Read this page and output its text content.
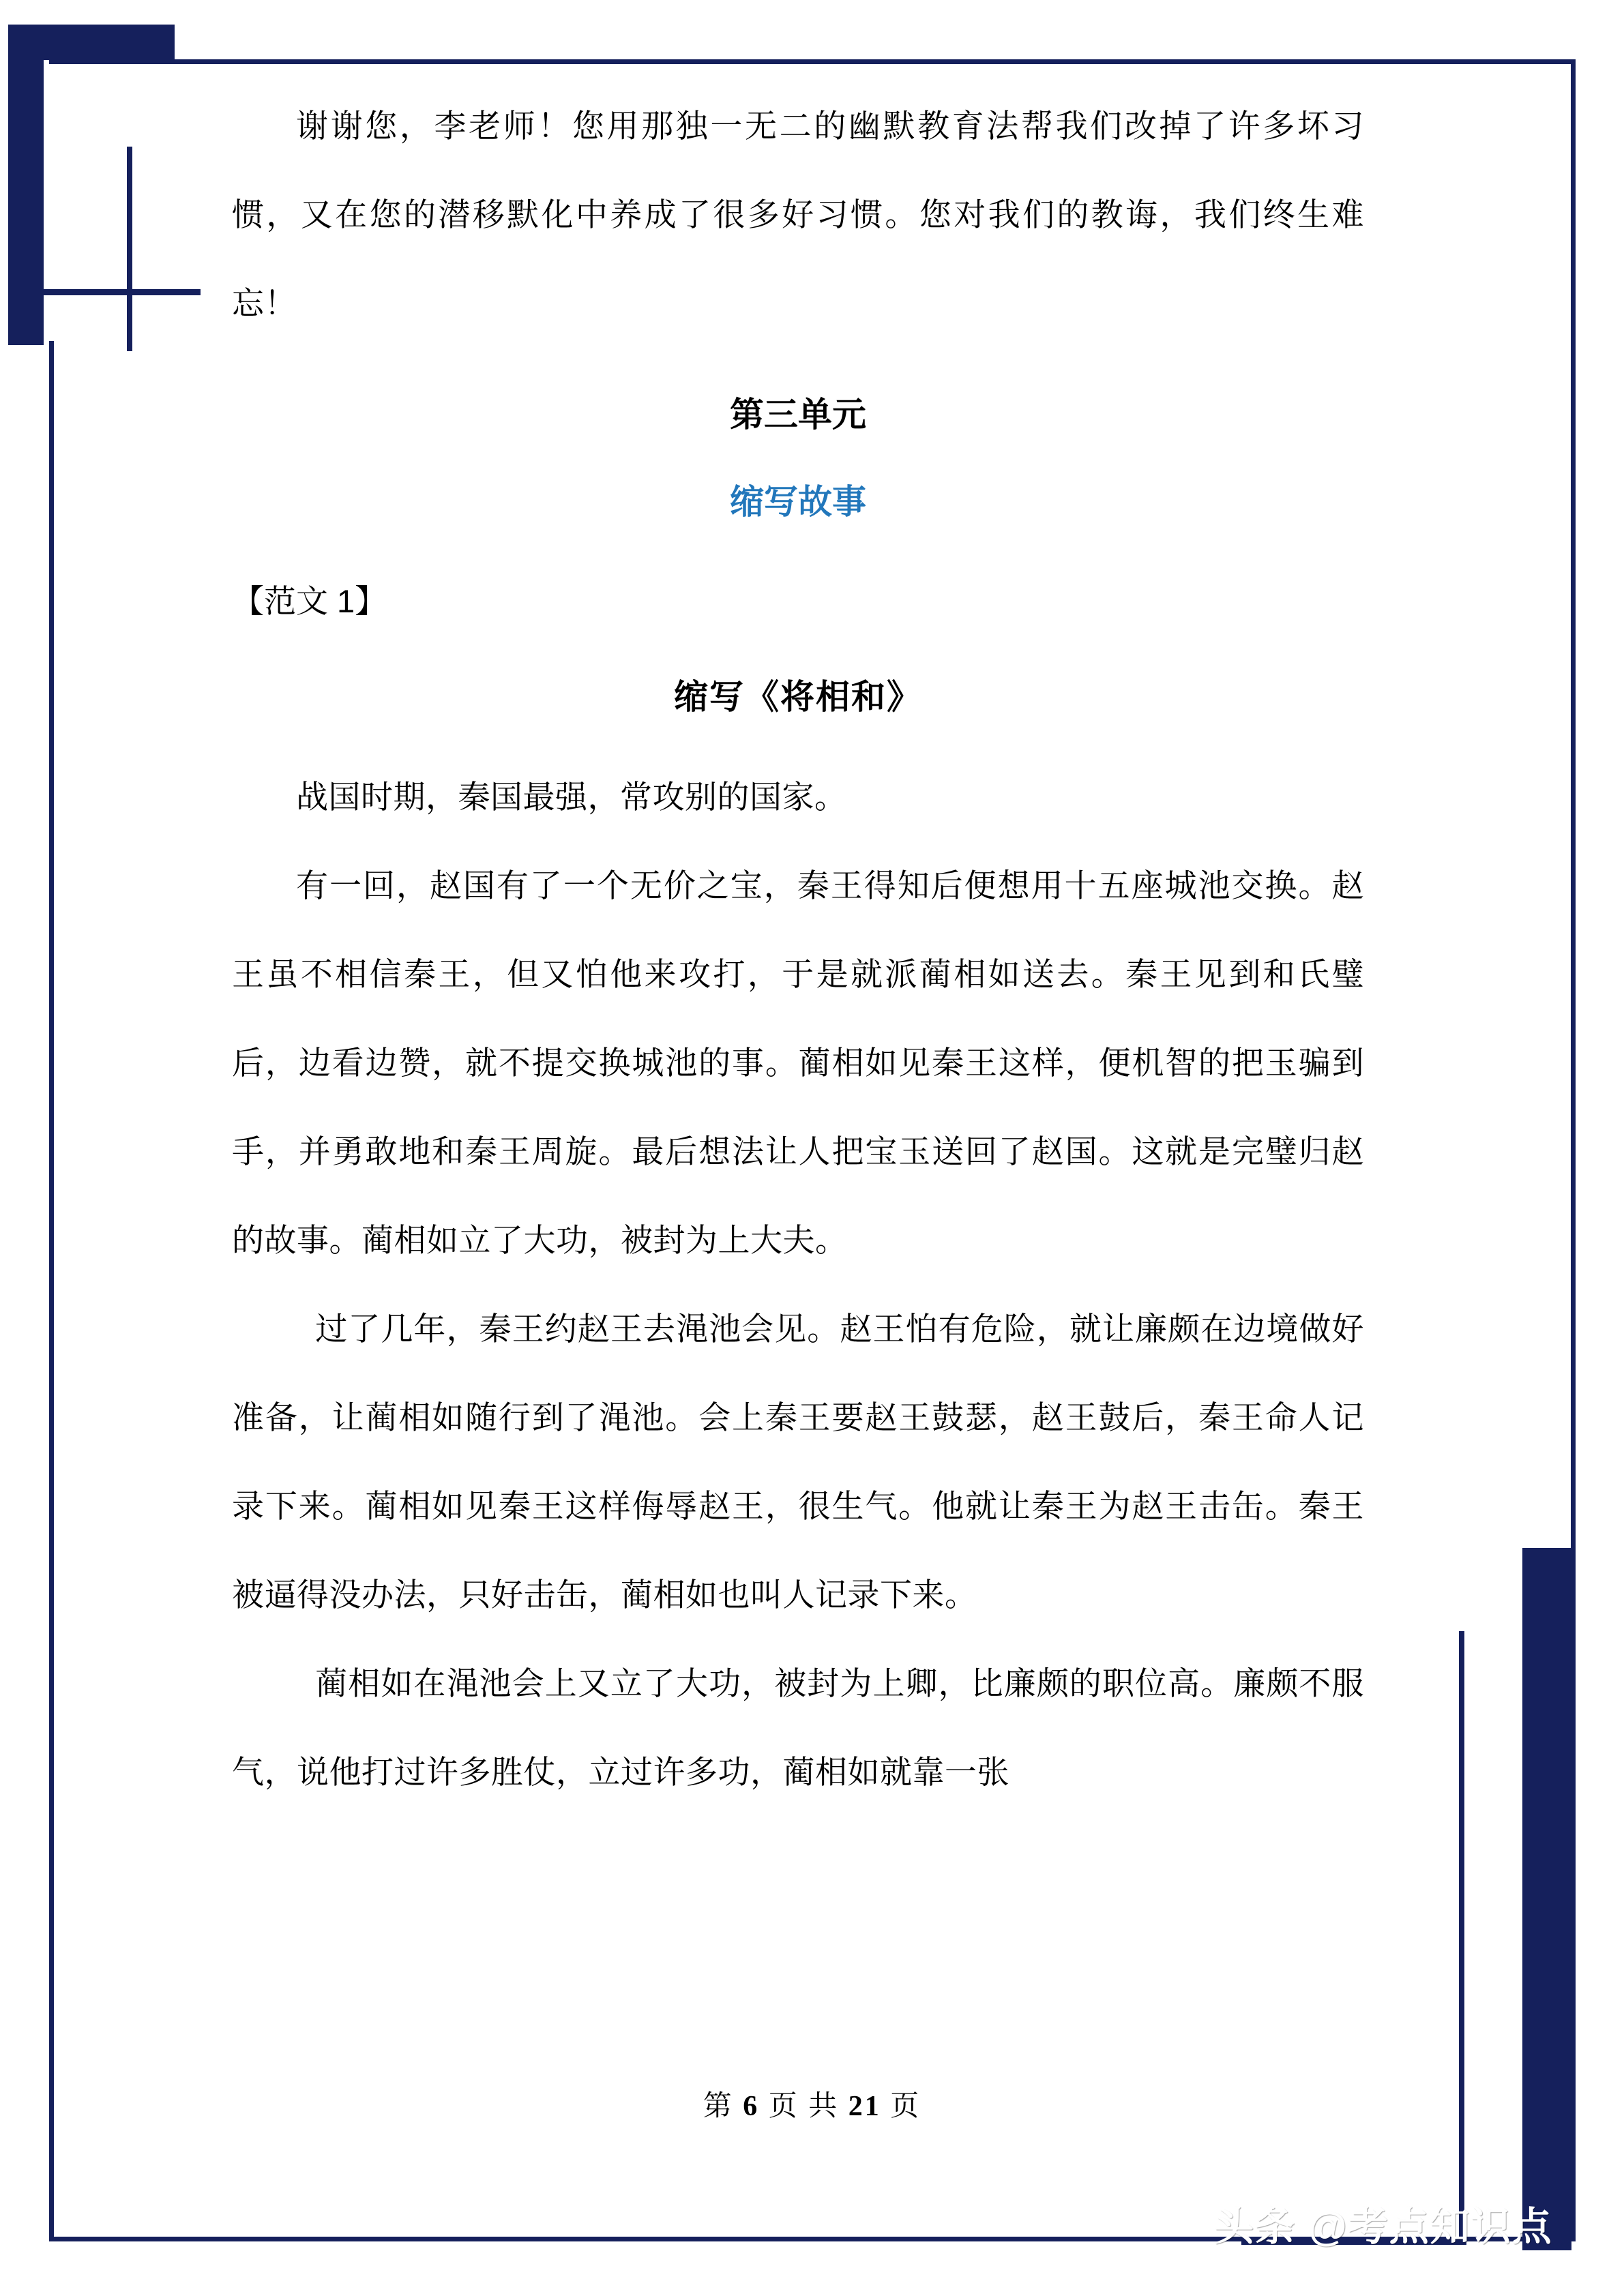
谢谢您，李老师！您用那独一无二的幽默教育法帮我们改掉了许多坏习惯，又在您的潜移默化中养成了很多好习惯。您对我们的教诲，我们终生难忘！

第三单元
缩写故事

【范文 1】

缩写《将相和》

战国时期，秦国最强，常攻别的国家。

有一回，赵国有了一个无价之宝，秦王得知后便想用十五座城池交换。赵王虽不相信秦王，但又怕他来攻打，于是就派蔺相如送去。秦王见到和氏璧后，边看边赞，就不提交换城池的事。蔺相如见秦王这样，便机智的把玉骗到手，并勇敢地和秦王周旋。最后想法让人把宝玉送回了赵国。这就是完璧归赵的故事。蔺相如立了大功，被封为上大夫。

过了几年，秦王约赵王去渑池会见。赵王怕有危险，就让廉颇在边境做好准备，让蔺相如随行到了渑池。会上秦王要赵王鼓瑟，赵王鼓后，秦王命人记录下来。蔺相如见秦王这样侮辱赵王，很生气。他就让秦王为赵王击缶。秦王被逼得没办法，只好击缶，蔺相如也叫人记录下来。

蔺相如在渑池会上又立了大功，被封为上卿，比廉颇的职位高。廉颇不服气，说他打过许多胜仗，立过许多功，蔺相如就靠一张

第 6 页 共 21 页
头条 @考点知识点
